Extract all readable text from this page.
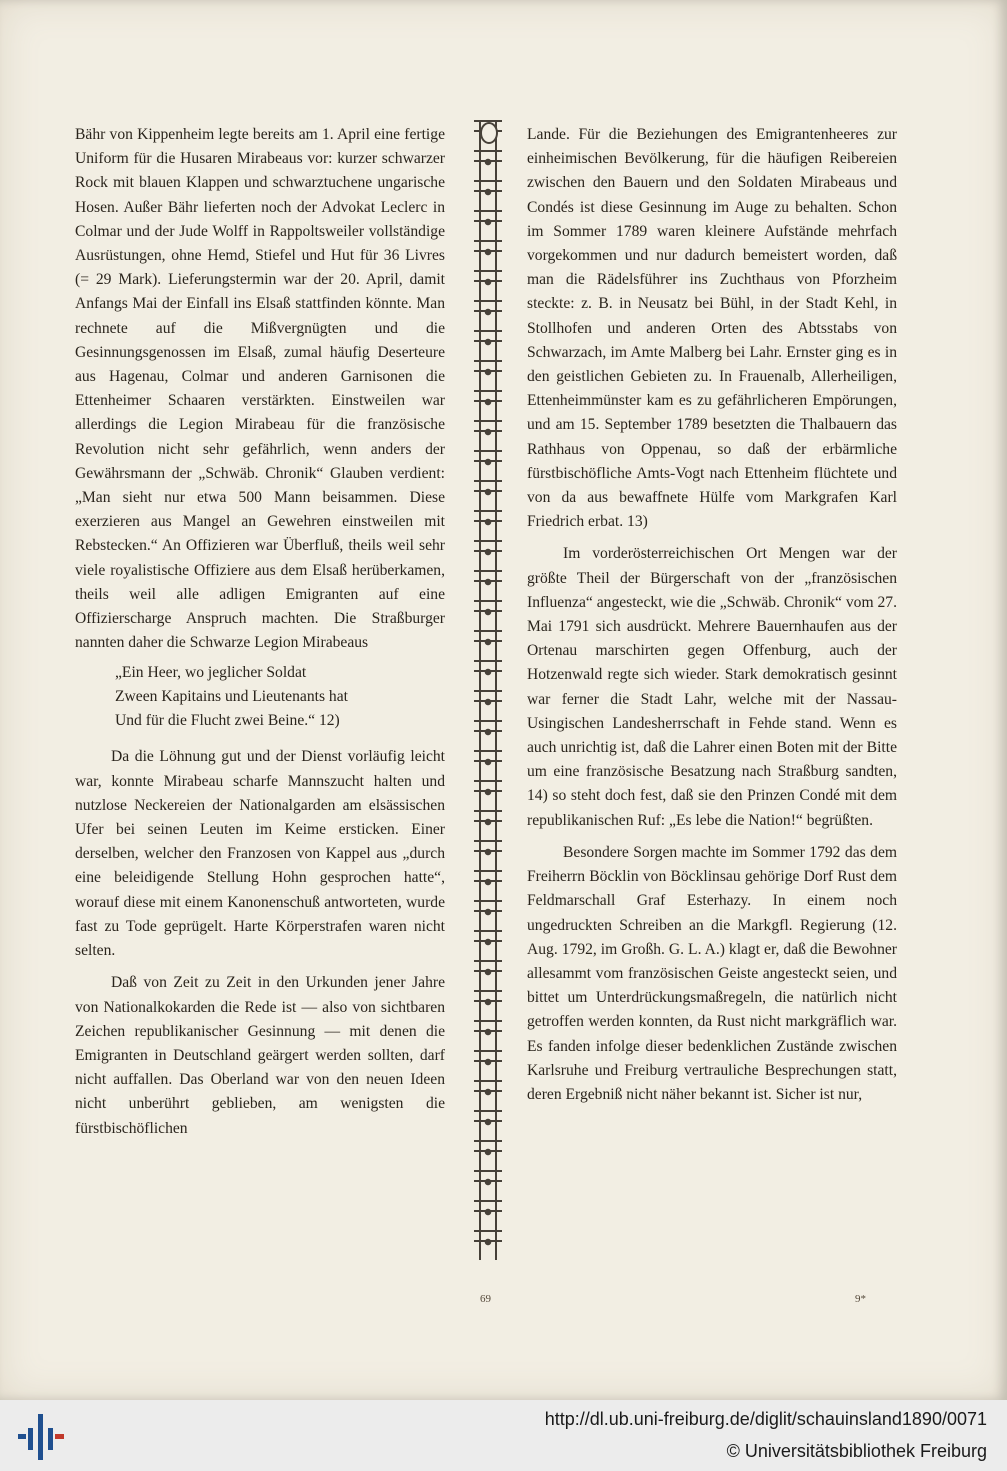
Bähr von Kippenheim legte bereits am 1. April eine fertige Uniform für die Husaren Mirabeaus vor: kurzer schwarzer Rock mit blauen Klappen und schwarztuchene ungarische Hosen. Außer Bähr lieferten noch der Advokat Leclerc in Colmar und der Jude Wolff in Rappoltsweiler vollständige Ausrüstungen, ohne Hemd, Stiefel und Hut für 36 Livres (= 29 Mark). Lieferungstermin war der 20. April, damit Anfangs Mai der Einfall ins Elsaß stattfinden könnte. Man rechnete auf die Mißvergnügten und die Gesinnungsgenossen im Elsaß, zumal häufig Deserteure aus Hagenau, Colmar und anderen Garnisonen die Ettenheimer Schaaren verstärkten. Einstweilen war allerdings die Legion Mirabeau für die französische Revolution nicht sehr gefährlich, wenn anders der Gewährsmann der „Schwäb. Chronik“ Glauben verdient: „Man sieht nur etwa 500 Mann beisammen. Diese exerzieren aus Mangel an Gewehren einstweilen mit Rebstecken.“ An Offizieren war Überfluß, theils weil sehr viele royalistische Offiziere aus dem Elsaß herüberkamen, theils weil alle adligen Emigranten auf eine Offizierscharge Anspruch machten. Die Straßburger nannten daher die Schwarze Legion Mirabeaus

„Ein Heer, wo jeglicher Soldat
Zween Kapitains und Lieutenants hat
Und für die Flucht zwei Beine.“ 12)

Da die Löhnung gut und der Dienst vorläufig leicht war, konnte Mirabeau scharfe Mannszucht halten und nutzlose Neckereien der Nationalgarden am elsässischen Ufer bei seinen Leuten im Keime ersticken. Einer derselben, welcher den Franzosen von Kappel aus „durch eine beleidigende Stellung Hohn gesprochen hatte“, worauf diese mit einem Kanonenschuß antworteten, wurde fast zu Tode geprügelt. Harte Körperstrafen waren nicht selten.

Daß von Zeit zu Zeit in den Urkunden jener Jahre von Nationalkokarden die Rede ist — also von sichtbaren Zeichen republikanischer Gesinnung — mit denen die Emigranten in Deutschland geärgert werden sollten, darf nicht auffallen. Das Oberland war von den neuen Ideen nicht unberührt geblieben, am wenigsten die fürstbischöflichen

Lande. Für die Beziehungen des Emigrantenheeres zur einheimischen Bevölkerung, für die häufigen Reibereien zwischen den Bauern und den Soldaten Mirabeaus und Condés ist diese Gesinnung im Auge zu behalten. Schon im Sommer 1789 waren kleinere Aufstände mehrfach vorgekommen und nur dadurch bemeistert worden, daß man die Rädelsführer ins Zuchthaus von Pforzheim steckte: z. B. in Neusatz bei Bühl, in der Stadt Kehl, in Stollhofen und anderen Orten des Abtsstabs von Schwarzach, im Amte Malberg bei Lahr. Ernster ging es in den geistlichen Gebieten zu. In Frauenalb, Allerheiligen, Ettenheimmünster kam es zu gefährlicheren Empörungen, und am 15. September 1789 besetzten die Thalbauern das Rathhaus von Oppenau, so daß der erbärmliche fürstbischöfliche Amts-Vogt nach Ettenheim flüchtete und von da aus bewaffnete Hülfe vom Markgrafen Karl Friedrich erbat. 13)

Im vorderösterreichischen Ort Mengen war der größte Theil der Bürgerschaft von der „französischen Influenza“ angesteckt, wie die „Schwäb. Chronik“ vom 27. Mai 1791 sich ausdrückt. Mehrere Bauernhaufen aus der Ortenau marschirten gegen Offenburg, auch der Hotzenwald regte sich wieder. Stark demokratisch gesinnt war ferner die Stadt Lahr, welche mit der Nassau-Usingischen Landesherrschaft in Fehde stand. Wenn es auch unrichtig ist, daß die Lahrer einen Boten mit der Bitte um eine französische Besatzung nach Straßburg sandten, 14) so steht doch fest, daß sie den Prinzen Condé mit dem republikanischen Ruf: „Es lebe die Nation!“ begrüßten.

Besondere Sorgen machte im Sommer 1792 das dem Freiherrn Böcklin von Böcklinsau gehörige Dorf Rust dem Feldmarschall Graf Esterhazy. In einem noch ungedruckten Schreiben an die Markgfl. Regierung (12. Aug. 1792, im Großh. G. L. A.) klagt er, daß die Bewohner allesammt vom französischen Geiste angesteckt seien, und bittet um Unterdrückungsmaßregeln, die natürlich nicht getroffen werden konnten, da Rust nicht markgräflich war. Es fanden infolge dieser bedenklichen Zustände zwischen Karlsruhe und Freiburg vertrauliche Besprechungen statt, deren Ergebniß nicht näher bekannt ist. Sicher ist nur,

69	9*
http://dl.ub.uni-freiburg.de/diglit/schauinsland1890/0071
© Universitätsbibliothek Freiburg
